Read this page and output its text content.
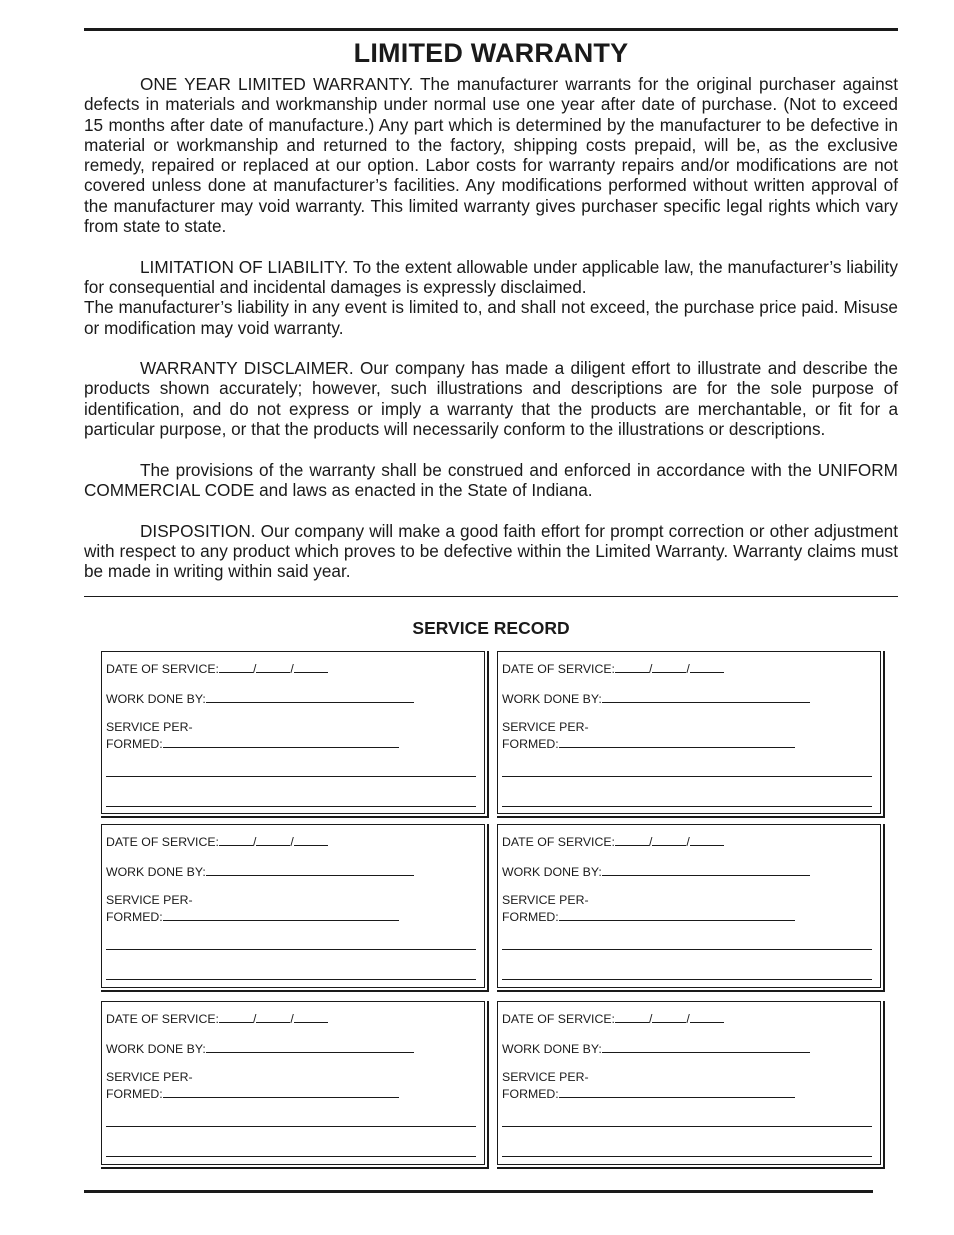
LIMITED WARRANTY

ONE YEAR LIMITED WARRANTY. The manufacturer warrants for the original purchaser against defects in materials and workmanship under normal use one year after date of purchase. (Not to exceed 15 months after date of manufacture.) Any part which is determined by the manufacturer to be defective in material or workmanship and returned to the factory, shipping costs prepaid, will be, as the exclusive remedy, repaired or replaced at our option. Labor costs for warranty repairs and/or modifications are not covered unless done at manufacturer’s facilities. Any modifications performed without written approval of the manufacturer may void warranty. This limited warranty gives purchaser specific legal rights which vary from state to state.

LIMITATION OF LIABILITY. To the extent allowable under applicable law, the manufacturer’s liability for consequential and incidental damages is expressly disclaimed.
The manufacturer’s liability in any event is limited to, and shall not exceed, the purchase price paid. Misuse or modification may void warranty.

WARRANTY DISCLAIMER. Our company has made a diligent effort to illustrate and describe the products shown accurately; however, such illustrations and descriptions are for the sole purpose of identification, and do not express or imply a warranty that the products are merchantable, or fit for a particular purpose, or that the products will necessarily conform to the illustrations or descriptions.

The provisions of the warranty shall be construed and enforced in accordance with the UNIFORM COMMERCIAL CODE and laws as enacted in the State of Indiana.

DISPOSITION. Our company will make a good faith effort for prompt correction or other adjustment with respect to any product which proves to be defective within the Limited Warranty. Warranty claims must be made in writing within said year.

SERVICE RECORD
DATE OF SERVICE:	/	/
WORK DONE BY:
SERVICE PER-
FORMED:
DATE OF SERVICE:	/	/
WORK DONE BY:
SERVICE PER-
FORMED:
DATE OF SERVICE:	/	/
WORK DONE BY:
SERVICE PER-
FORMED:
DATE OF SERVICE:	/	/
WORK DONE BY:
SERVICE PER-
FORMED:
DATE OF SERVICE:	/	/
WORK DONE BY:
SERVICE PER-
FORMED:
DATE OF SERVICE:	/	/
WORK DONE BY:
SERVICE PER-
FORMED:
